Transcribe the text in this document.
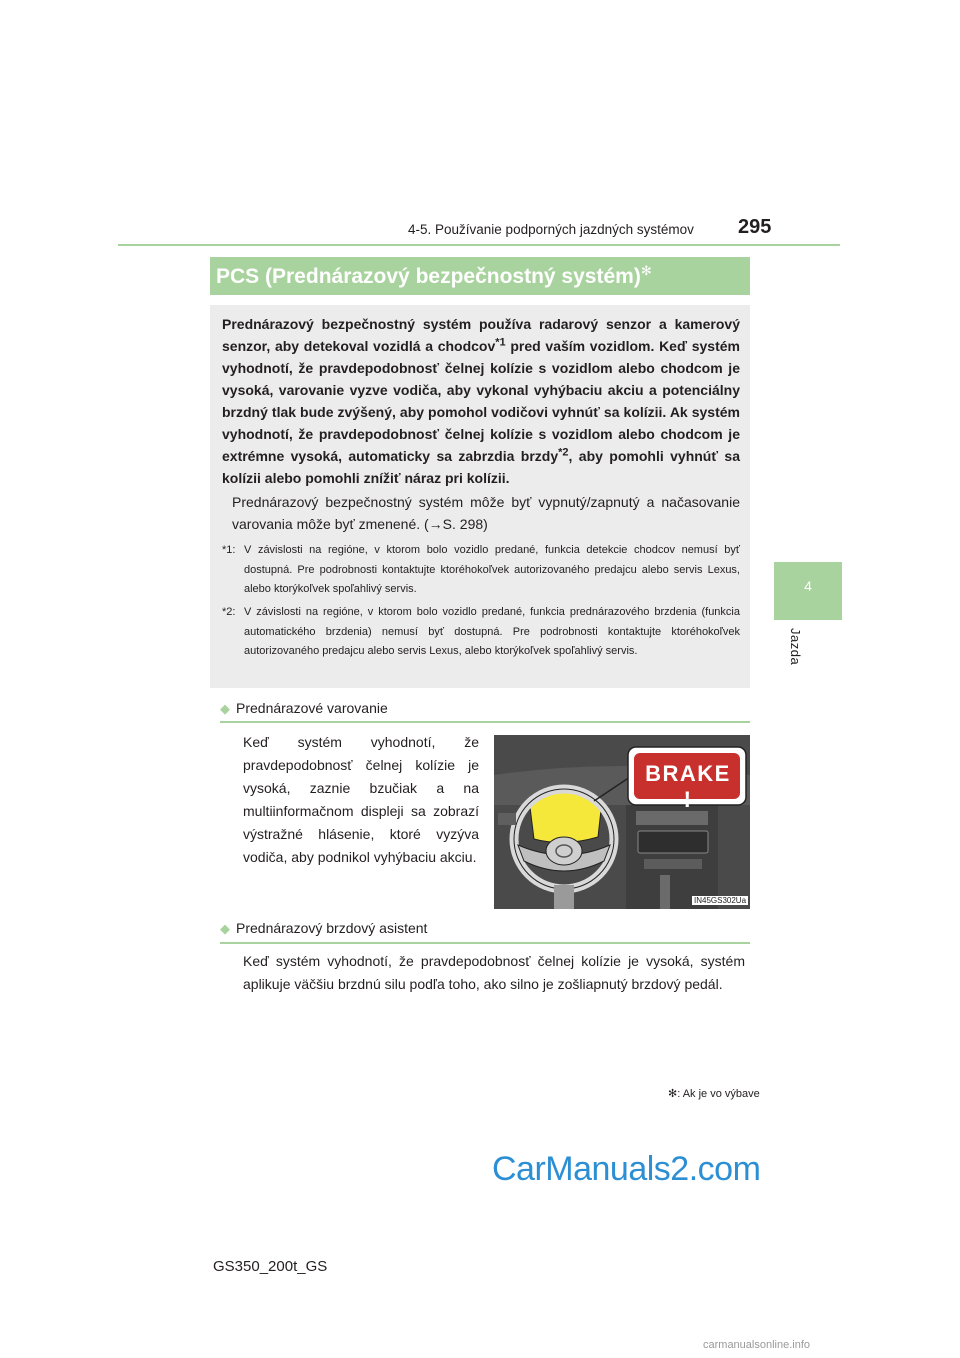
4-5. Používanie podporných jazdných systémov 295
4
Jazda
PCS (Prednárazový bezpečnostný systém)✻
Prednárazový bezpečnostný systém používa radarový senzor a kamerový senzor, aby detekoval vozidlá a chodcov$^{*1}$ pred vaším vozidlom. Keď systém vyhodnotí, že pravdepodobnosť čelnej kolízie s vozidlom alebo chodcom je vysoká, varovanie vyzve vodiča, aby vykonal vyhýbaciu akciu a potenciálny brzdný tlak bude zvýšený, aby pomohol vodičovi vyhnúť sa kolízii. Ak systém vyhodnotí, že pravdepodobnosť čelnej kolízie s vozidlom alebo chodcom je extrémne vysoká, automaticky sa zabrzdia brzdy$^{*2}$, aby pomohli vyhnúť sa kolízii alebo pomohli znížiť náraz pri kolízii.
Prednárazový bezpečnostný systém môže byť vypnutý/zapnutý a načasovanie varovania môže byť zmenené. (→S. 298)
*1: V závislosti na regióne, v ktorom bolo vozidlo predané, funkcia detekcie chodcov nemusí byť dostupná. Pre podrobnosti kontaktujte ktoréhokoľvek autorizovaného predajcu alebo servis Lexus, alebo ktorýkoľvek spoľahlivý servis.
*2: V závislosti na regióne, v ktorom bolo vozidlo predané, funkcia prednárazového brzdenia (funkcia automatického brzdenia) nemusí byť dostupná. Pre podrobnosti kontaktujte ktoréhokoľvek autorizovaného predajcu alebo servis Lexus, alebo ktorýkoľvek spoľahlivý servis.
◆ Prednárazové varovanie
Keď systém vyhodnotí, že pravdepodobnosť čelnej kolízie je vysoká, zaznie bzučiak a na multiinformačnom displeji sa zobrazí výstražné hlásenie, ktoré vyzýva vodiča, aby podnikol vyhýbaciu akciu.
BRAKE !
IN45GS302Ua
◆ Prednárazový brzdový asistent
Keď systém vyhodnotí, že pravdepodobnosť čelnej kolízie je vysoká, systém aplikuje väčšiu brzdnú silu podľa toho, ako silno je zošliapnutý brzdový pedál.
✻: Ak je vo výbave
CarManuals2.com
carmanualsonline.info
GS350_200t_GS
